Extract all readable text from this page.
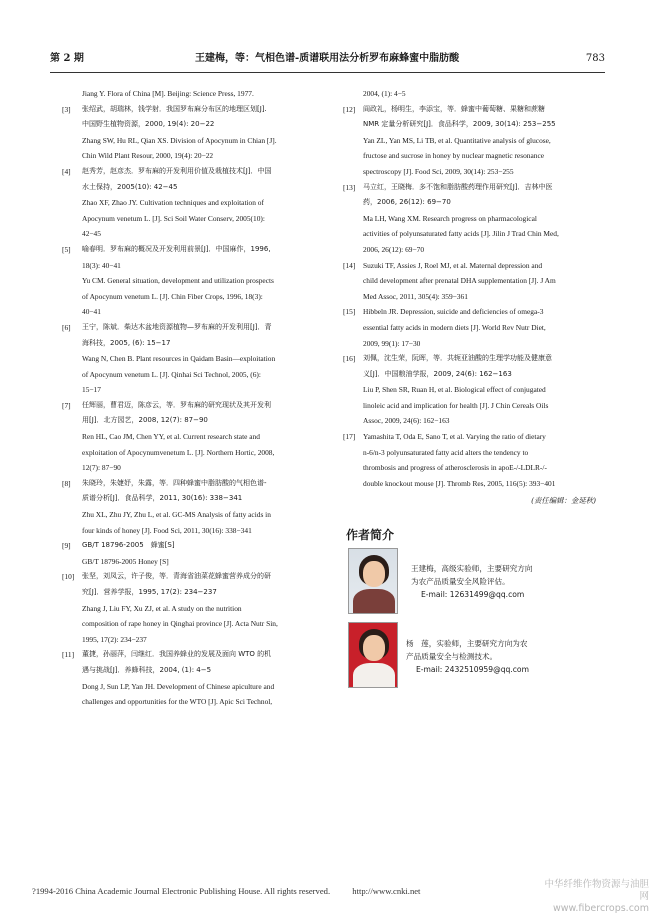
第 2 期	王建梅，等：气相色谱-质谱联用法分析罗布麻蜂蜜中脂肪酸	783
Jiang Y. Flora of China [M]. Beijing: Science Press, 1977.
[3] 张绍武，胡瑞林，钱学射．我国罗布麻分布区的地理区划[J].
中国野生植物资源，2000, 19(4): 20−22
Zhang SW, Hu RL, Qian XS. Division of Apocynum in Chian [J].
Chin Wild Plant Resour, 2000, 19(4): 20−22
[4] 赵秀芳，赵彦杰．罗布麻的开发利用价值及栽植技术[J]．中国
水土保持，2005(10): 42−45
Zhao XF, Zhao JY. Cultivation techniques and exploitation of
Apocynum venetum L. [J]. Sci Soil Water Conserv, 2005(10):
42−45
[5] 喻春明．罗布麻的概况及开发利用前景[J]．中国麻作，1996,
18(3): 40−41
Yu CM. General situation, development and utilization prospects
of Apocynum venetum L. [J]. Chin Fiber Crops, 1996, 18(3):
40−41
[6] 王宁，陈斌．柴达木盆地资源植物—罗布麻的开发利用[J]．青
海科技，2005, (6): 15−17
Wang N, Chen B. Plant resources in Qaidam Basin—exploitation
of Apocynum venetum L. [J]. Qinhai Sci Technol, 2005, (6):
15−17
[7] 任辉丽，曹君迈，陈彦云，等．罗布麻的研究现状及其开发利
用[J]．北方园艺，2008, 12(7): 87−90
Ren HL, Cao JM, Chen YY, et al. Current research state and
exploitation of Apocynumvenetum L. [J]. Northern Hortic, 2008,
12(7): 87−90
[8] 朱晓玲，朱婕妤，朱露，等．四种蜂蜜中脂肪酸的气相色谱-
质谱分析[J]．食品科学，2011, 30(16): 338−341
Zhu XL, Zhu JY, Zhu L, et al. GC-MS Analysis of fatty acids in
four kinds of honey [J]. Food Sci, 2011, 30(16): 338−341
[9] GB/T 18796-2005　蜂蜜[S]
GB/T 18796-2005 Honey [S]
[10] 张坚，刘凤云，许子俊，等．青海省油菜花蜂蜜营养成分的研
究[J]．营养学报，1995, 17(2): 234−237
Zhang J, Liu FY, Xu ZJ, et al. A study on the nutrition
composition of rape honey in Qinghai province [J]. Acta Nutr Sin,
1995, 17(2): 234−237
[11] 董捷，孙丽萍，闫继红．我国养蜂业的发展及面向 WTO 的机
遇与挑战[J]．养蜂科技，2004, (1): 4−5
Dong J, Sun LP, Yan JH. Development of Chinese apiculture and
challenges and opportunities for the WTO [J]. Apic Sci Technol,
2004, (1): 4−5
[12] 阎政礼，杨明生，李添宝，等．蜂蜜中葡萄糖、果糖和蔗糖
NMR 定量分析研究[J]．食品科学，2009, 30(14): 253−255
Yan ZL, Yan MS, Li TB, et al. Quantitative analysis of glucose,
fructose and sucrose in honey by nuclear magnetic resonance
spectroscopy [J]. Food Sci, 2009, 30(14): 253−255
[13] 马立红，王晓梅．多不饱和脂肪酸药理作用研究[J]．吉林中医
药，2006, 26(12): 69−70
Ma LH, Wang XM. Research progress on pharmacological
activities of polyunsaturated fatty acids [J]. Jilin J Trad Chin Med,
2006, 26(12): 69−70
[14] Suzuki TF, Assies J, Roel MJ, et al. Maternal depression and
child development after prenatal DHA supplementation [J]. J Am
Med Assoc, 2011, 305(4): 359−361
[15] Hibbeln JR. Depression, suicide and deficiencies of omega-3
essential fatty acids in modern diets [J]. World Rev Nutr Diet,
2009, 99(1): 17−30
[16] 刘佩，沈生荣，阮晖，等．共轭亚油酸的生理学功能及健康意
义[J]．中国粮油学报，2009, 24(6): 162−163
Liu P, Shen SR, Ruan H, et al. Biological effect of conjugated
linoleic acid and implication for health [J]. J Chin Cereals Oils
Assoc, 2009, 24(6): 162−163
[17] Yamashita T, Oda E, Sano T, et al. Varying the ratio of dietary
n-6/n-3 polyunsaturated fatty acid alters the tendency to
thrombosis and progress of atherosclerosis in apoE-/-LDLR-/-
double knockout mouse [J]. Thromb Res, 2005, 116(5): 393−401
(责任编辑：金延秋)
作者简介
王建梅，高级实验师，主要研究方向
为农产品质量安全风险评估。
E-mail: 12631499@qq.com
杨　莲，实验师，主要研究方向为农
产品质量安全与检测技术。
E-mail: 2432510959@qq.com
?1994-2016 China Academic Journal Electronic Publishing House. All rights reserved.	http://www.cnki.net
中华纤维作物资源与油胆网
www.fibercrops.com
